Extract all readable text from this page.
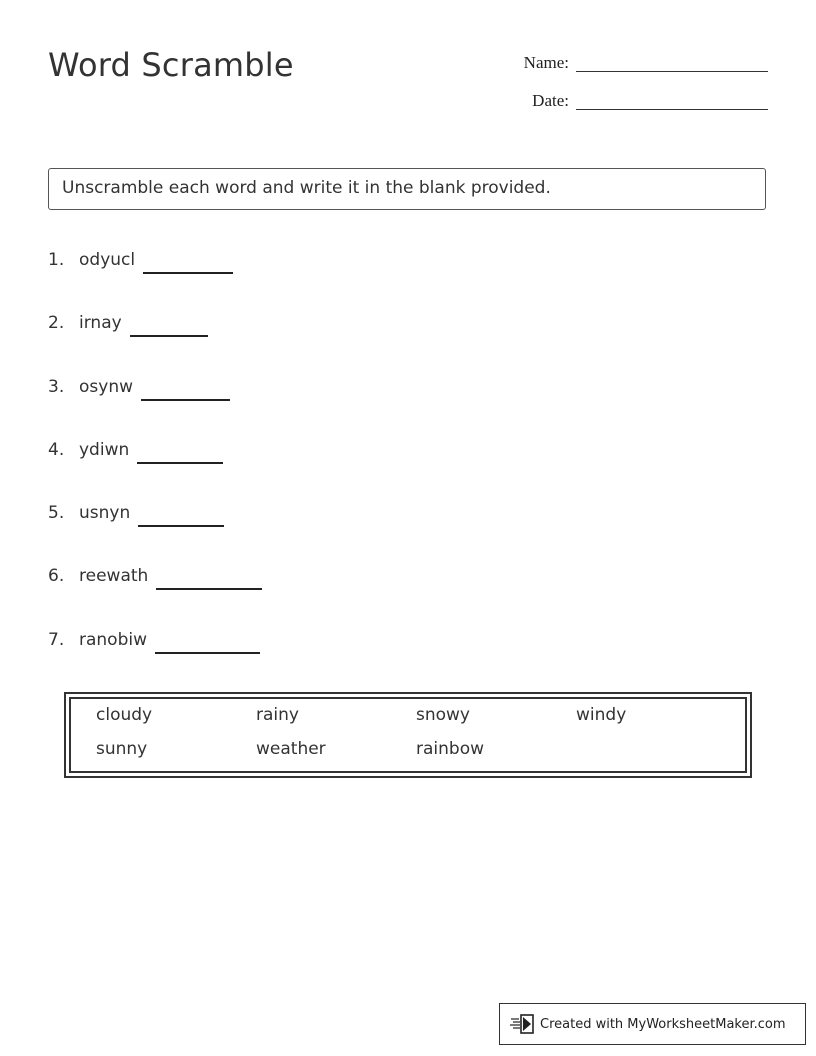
Word Scramble	Name:
Date:
Unscramble each word and write it in the blank provided.
1. odyucl
2. irnay
3. osynw
4. ydiwn
5. usnyn
6. reewath
7. ranobiw
cloudy	rainy	snowy	windy
sunny	weather	rainbow
Created with MyWorksheetMaker.com
